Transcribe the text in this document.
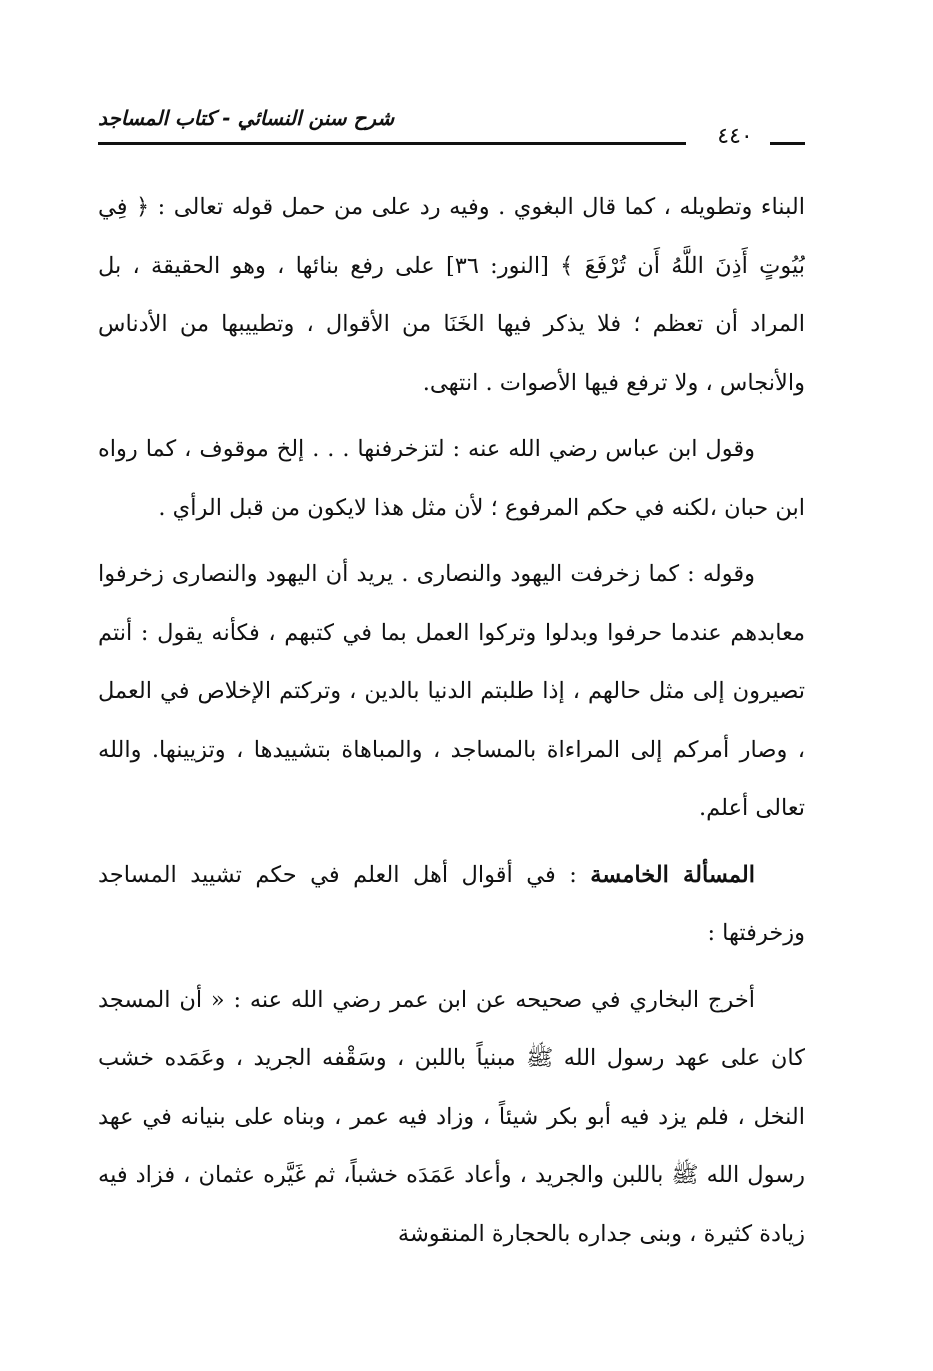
شرح سنن النسائي - كتاب المساجد
٤٤٠

البناء وتطويله ، كما قال البغوي . وفيه رد على من حمل قوله تعالى : ﴿ فِي بُيُوتٍ أَذِنَ اللَّهُ أَن تُرْفَعَ ﴾ [النور: ٣٦] على رفع بنائها ، وهو الحقيقة ، بل المراد أن تعظم ؛ فلا يذكر فيها الخَنَا من الأقوال ، وتطييبها من الأدناس والأنجاس ، ولا ترفع فيها الأصوات . انتهى.

وقول ابن عباس رضي الله عنه : لتزخرفنها . . . إلخ موقوف ، كما رواه ابن حبان ،لكنه في حكم المرفوع ؛ لأن مثل هذا لايكون من قبل الرأي .

وقوله : كما زخرفت اليهود والنصارى . يريد أن اليهود والنصارى زخرفوا معابدهم عندما حرفوا وبدلوا وتركوا العمل بما في كتبهم ، فكأنه يقول : أنتم تصيرون إلى مثل حالهم ، إذا طلبتم الدنيا بالدين ، وتركتم الإخلاص في العمل ، وصار أمركم إلى المراءاة بالمساجد ، والمباهاة بتشييدها ، وتزيينها. والله تعالى أعلم.

المسألة الخامسة : في أقوال أهل العلم في حكم تشييد المساجد وزخرفتها :

أخرج البخاري في صحيحه عن ابن عمر رضي الله عنه : « أن المسجد كان على عهد رسول الله ﷺ مبنياً باللبن ، وسَقْفه الجريد ، وعَمَده خشب النخل ، فلم يزد فيه أبو بكر شيئاً ، وزاد فيه عمر ، وبناه على بنيانه في عهد رسول الله ﷺ باللبن والجريد ، وأعاد عَمَدَه خشباً، ثم غَيَّره عثمان ، فزاد فيه زيادة كثيرة ، وبنى جداره بالحجارة المنقوشة
